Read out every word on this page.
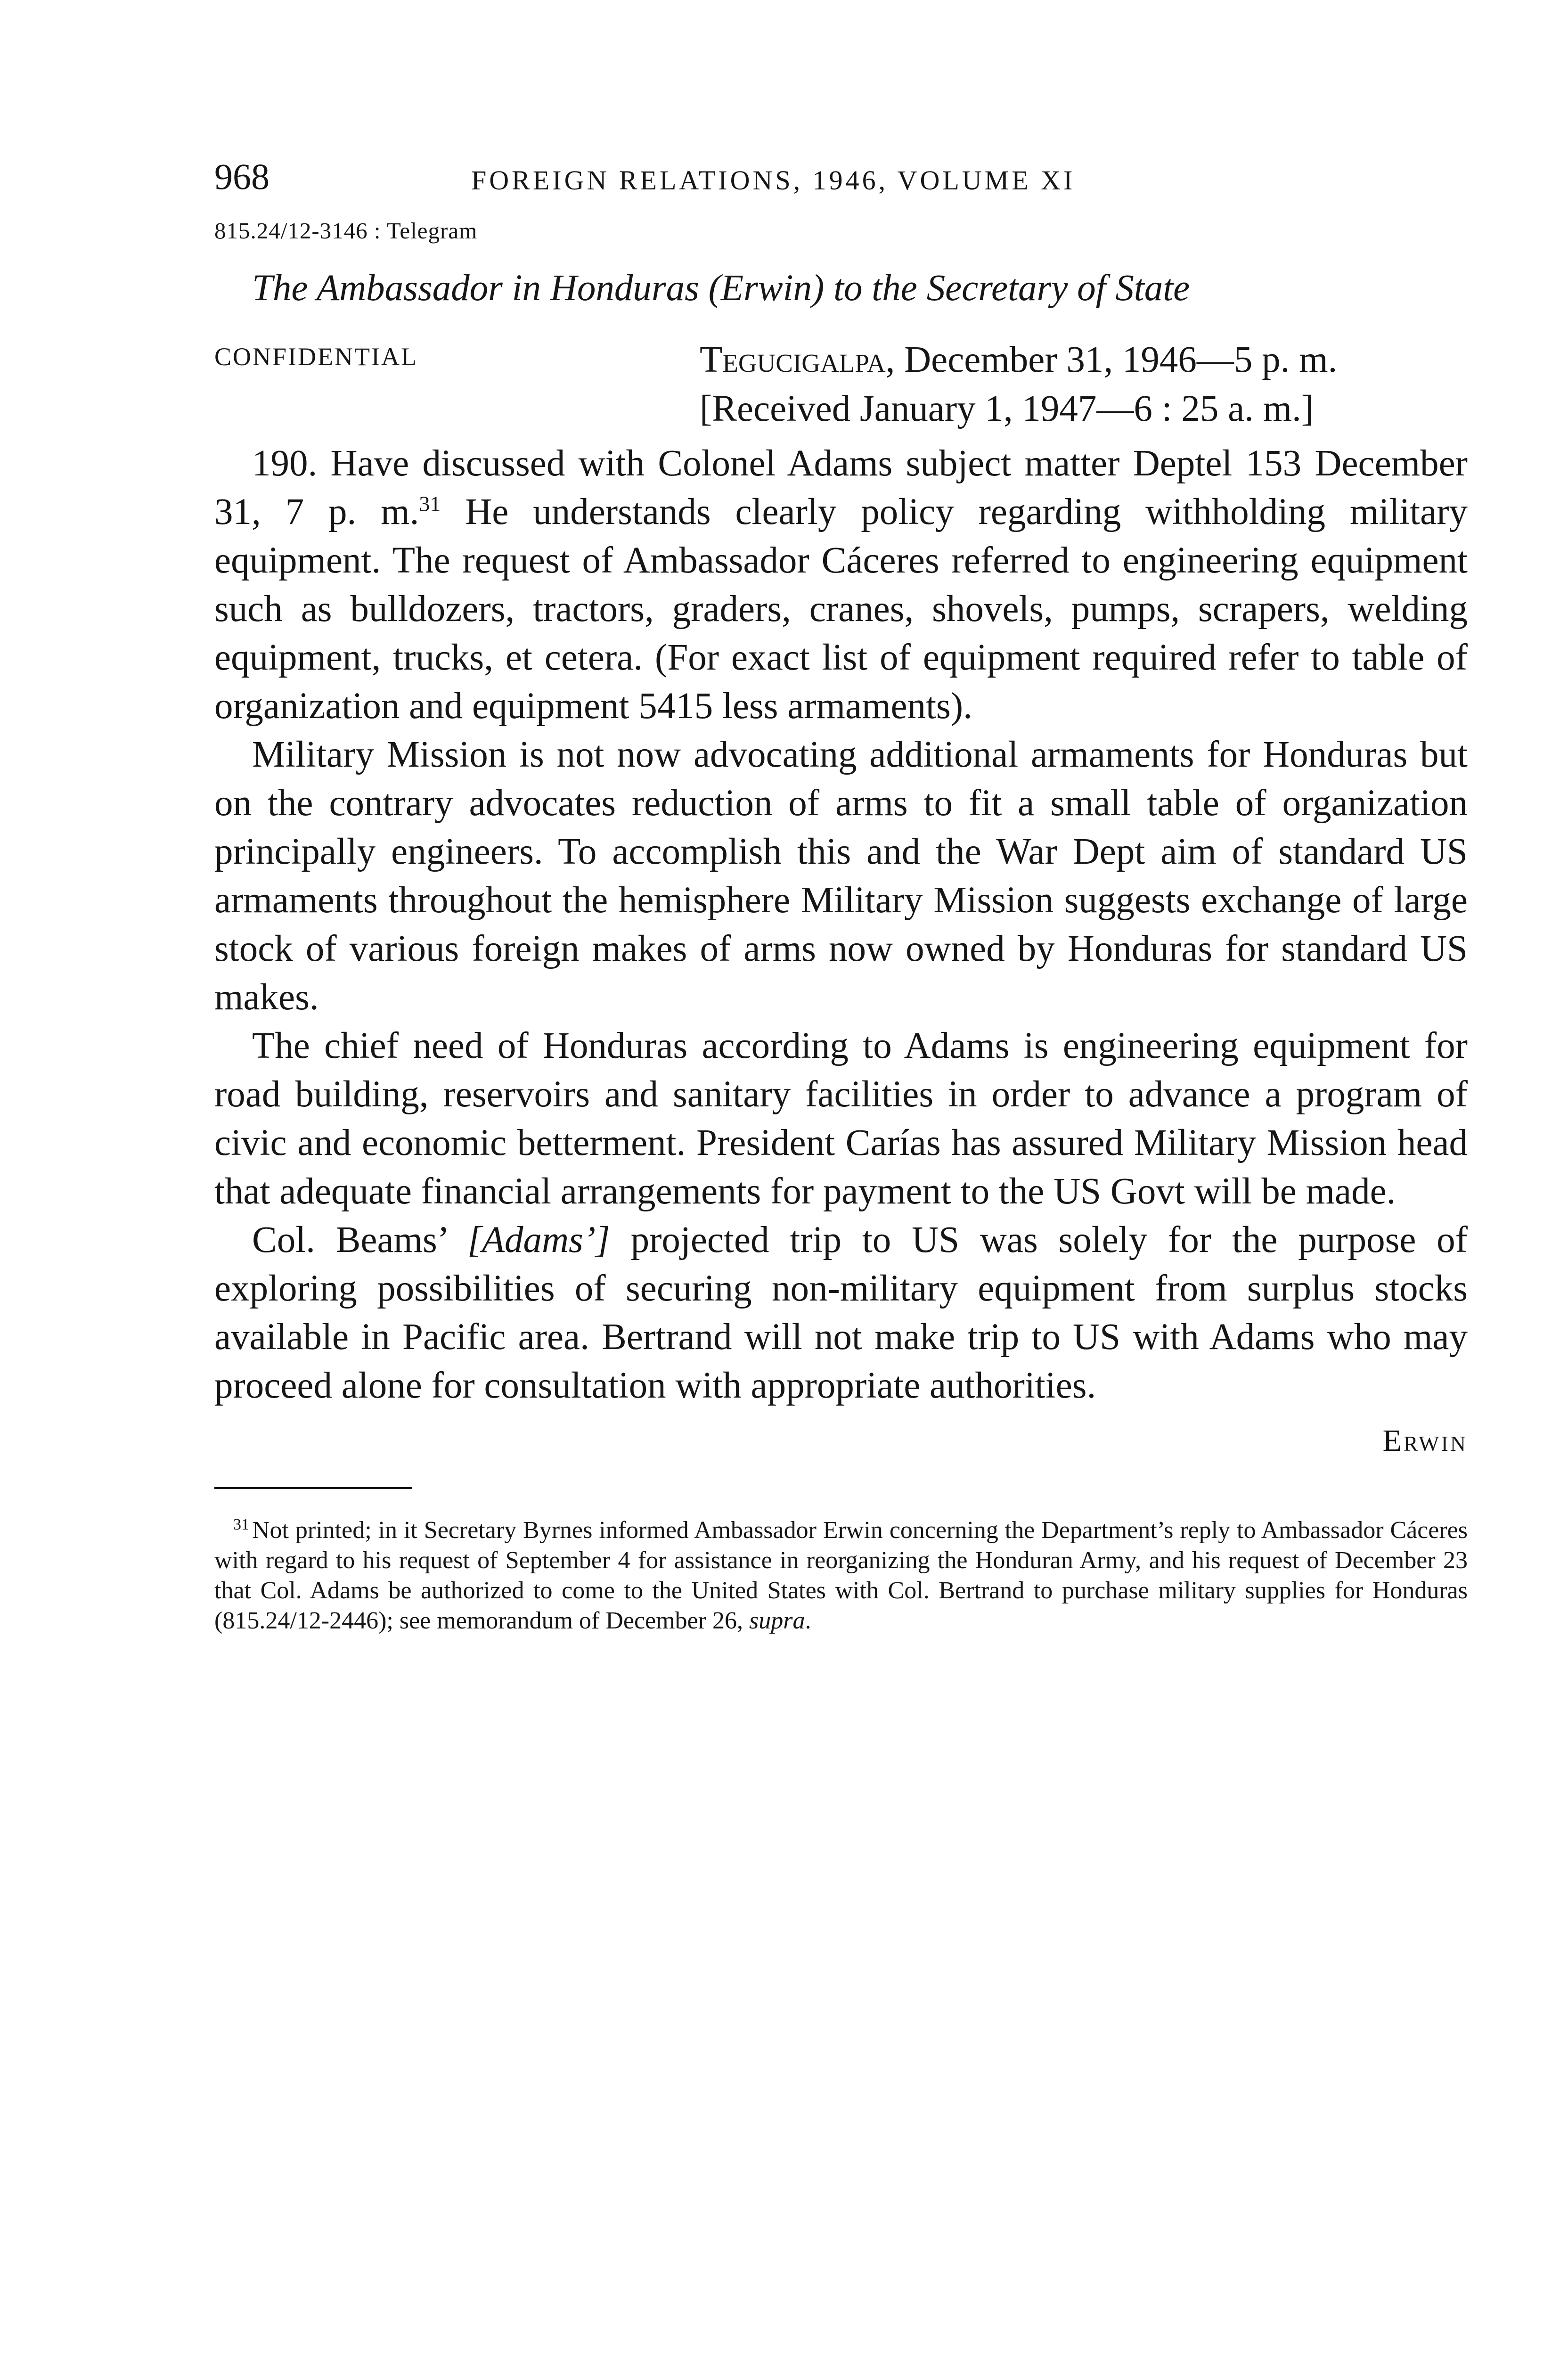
968	FOREIGN RELATIONS, 1946, VOLUME XI
815.24/12-3146 : Telegram
The Ambassador in Honduras (Erwin) to the Secretary of State
CONFIDENTIAL	Tegucigalpa, December 31, 1946—5 p. m.
[Received January 1, 1947—6 : 25 a. m.]

190. Have discussed with Colonel Adams subject matter Deptel 153 December 31, 7 p. m.$^{31}$ He understands clearly policy regarding withholding military equipment. The request of Ambassador Cáceres referred to engineering equipment such as bulldozers, tractors, graders, cranes, shovels, pumps, scrapers, welding equipment, trucks, et cetera. (For exact list of equipment required refer to table of organization and equipment 5415 less armaments).

Military Mission is not now advocating additional armaments for Honduras but on the contrary advocates reduction of arms to fit a small table of organization principally engineers. To accomplish this and the War Dept aim of standard US armaments throughout the hemisphere Military Mission suggests exchange of large stock of various foreign makes of arms now owned by Honduras for standard US makes.

The chief need of Honduras according to Adams is engineering equipment for road building, reservoirs and sanitary facilities in order to advance a program of civic and economic betterment. President Carías has assured Military Mission head that adequate financial arrangements for payment to the US Govt will be made.

Col. Beams’ [Adams’] projected trip to US was solely for the purpose of exploring possibilities of securing non-military equipment from surplus stocks available in Pacific area. Bertrand will not make trip to US with Adams who may proceed alone for consultation with appropriate authorities.

Erwin
$^{31}$ Not printed; in it Secretary Byrnes informed Ambassador Erwin concerning the Department’s reply to Ambassador Cáceres with regard to his request of September 4 for assistance in reorganizing the Honduran Army, and his request of December 23 that Col. Adams be authorized to come to the United States with Col. Bertrand to purchase military supplies for Honduras (815.24/12-2446); see memorandum of December 26, supra.
